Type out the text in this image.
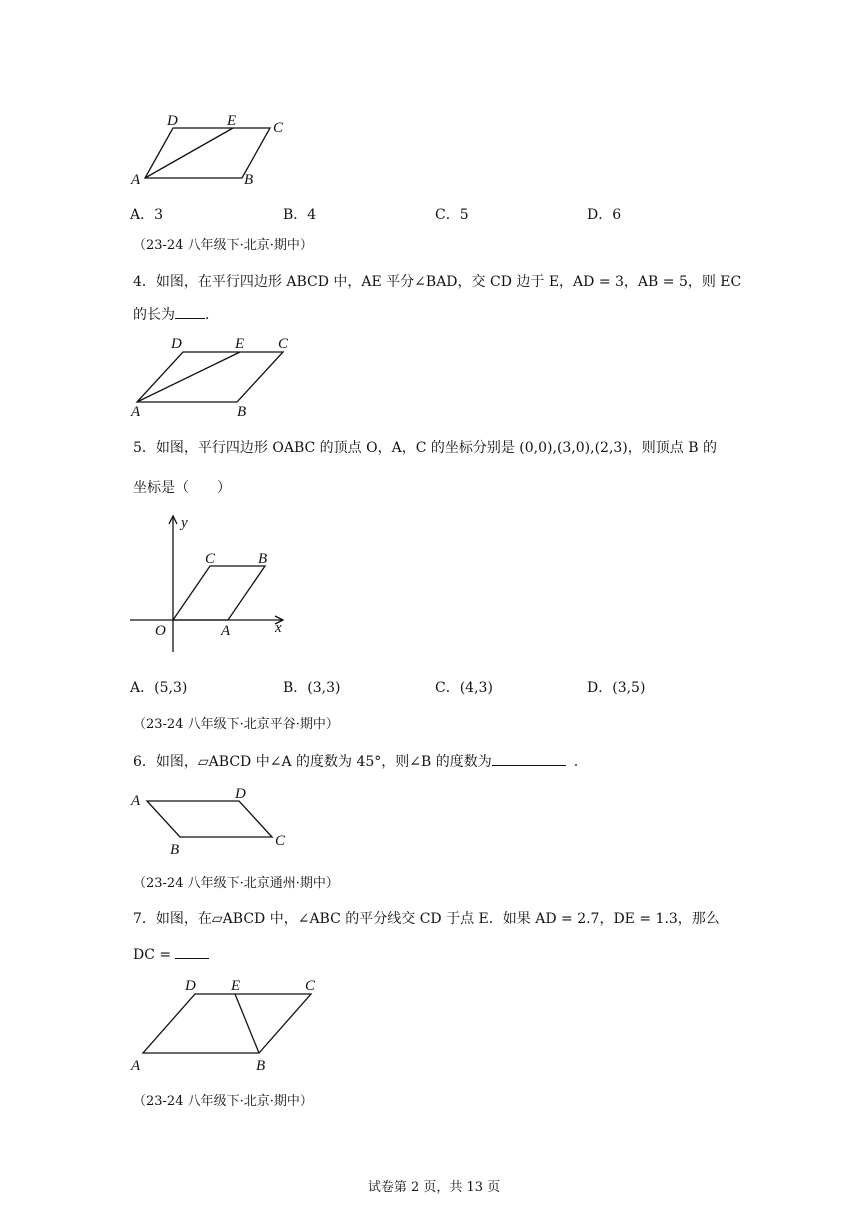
D	E C
A	B
A．3	B．4	C．5	D．6
（23-24 八年级下·北京·期中）
4．如图，在平行四边形 ABCD 中，AE 平分∠BAD，交 CD 边于 E，AD = 3，AB = 5，则 EC
的长为 .
D	E C
A	B
5．如图，平行四边形 OABC 的顶点 O，A，C 的坐标分别是 (0,0),(3,0),(2,3)，则顶点 B 的
坐标是（　　）
y
C	B
O	A	x
A．(5,3)	B．(3,3)	C．(4,3)	D．(3,5)
（23-24 八年级下·北京平谷·期中）
6．如图，▱ABCD 中∠A 的度数为 45°，则∠B 的度数为	.
A	D
B
C
（23-24 八年级下·北京通州·期中）
7．如图，在▱ABCD 中，∠ABC 的平分线交 CD 于点 E．如果 AD = 2.7，DE = 1.3，那么
DC =
D E	C
A	B
（23-24 八年级下·北京·期中）
试卷第 2 页，共 13 页
